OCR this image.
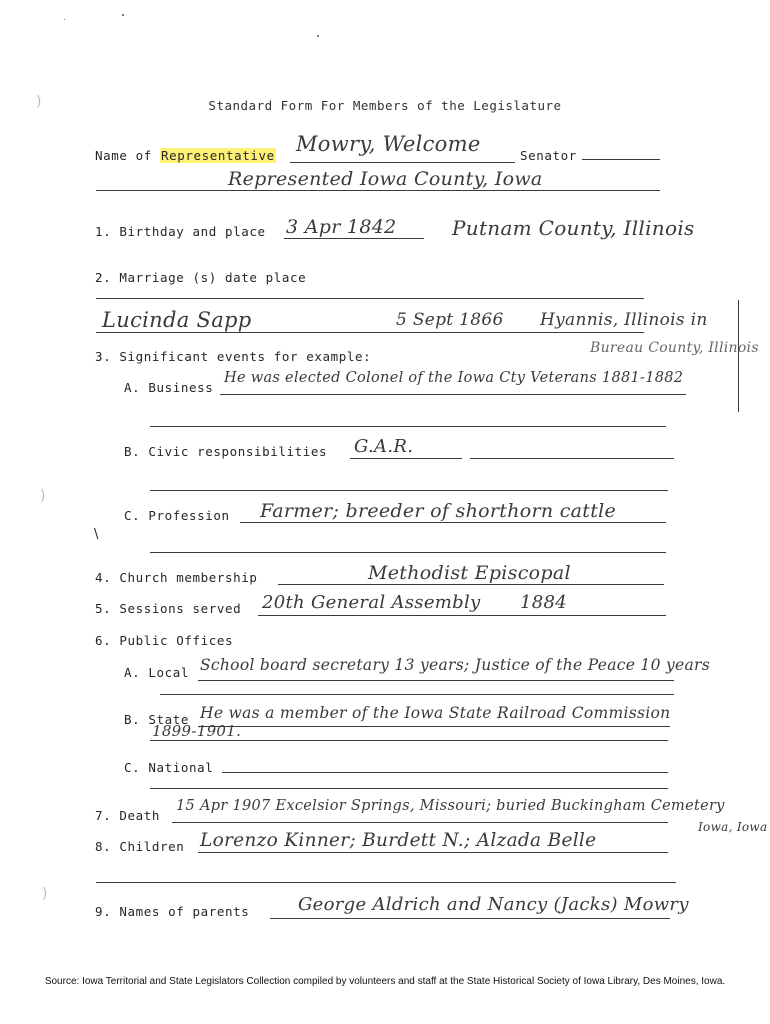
)
)
)
\
Standard Form For Members of the Legislature
Name of Representative Mowry, Welcome	Senator
Represented Iowa County, Iowa
1. Birthday and place 3 Apr 1842	Putnam County, Illinois
2. Marriage (s) date place
Lucinda Sapp	5 Sept 1866 Hyannis, Illinois in
Bureau County, Illinois
3. Significant events for example:
A. Business
He was elected Colonel of the Iowa Cty Veterans 1881-1882
B. Civic responsibilities G.A.R.
C. Profession Farmer; breeder of shorthorn cattle
4. Church membership	Methodist Episcopal
5. Sessions served 20th General Assembly 1884
6. Public Offices
A. Local School board secretary 13 years; Justice of the Peace 10 years
B. State He was a member of the Iowa State Railroad Commission
1899-1901.
C. National
7. Death
15 Apr 1907 Excelsior Springs, Missouri; buried Buckingham Cemetery
Iowa, Iowa
8. Children Lorenzo Kinner; Burdett N.; Alzada Belle
9. Names of parents	George Aldrich and Nancy (Jacks) Mowry
Source: Iowa Territorial and State Legislators Collection compiled by volunteers and staff at the State Historical Society of Iowa Library, Des Moines, Iowa.
